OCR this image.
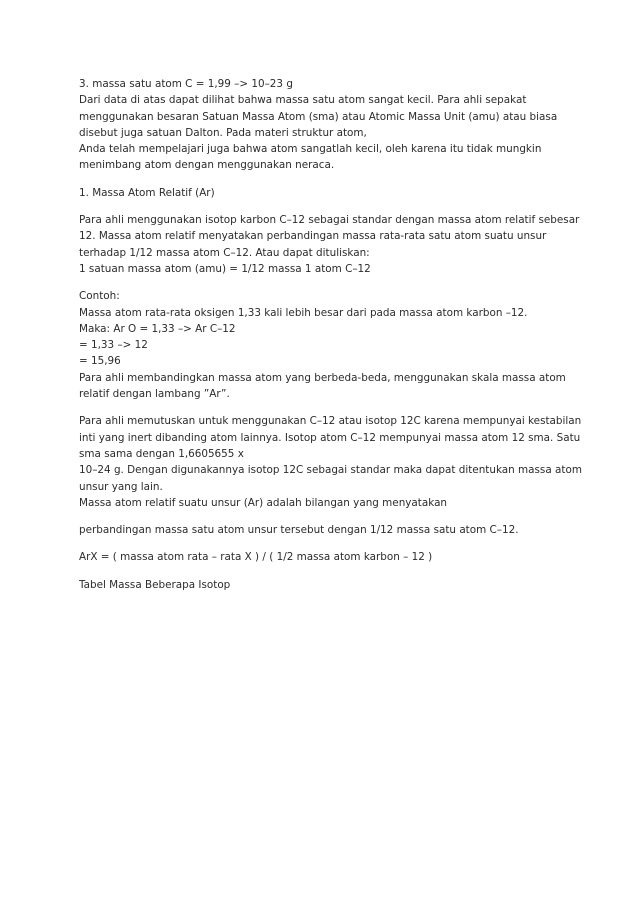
3. massa satu atom C = 1,99 –> 10–23 g
Dari data di atas dapat dilihat bahwa massa satu atom sangat kecil. Para ahli sepakat
menggunakan besaran Satuan Massa Atom (sma) atau Atomic Massa Unit (amu) atau biasa
disebut juga satuan Dalton. Pada materi struktur atom,
Anda telah mempelajari juga bahwa atom sangatlah kecil, oleh karena itu tidak mungkin
menimbang atom dengan menggunakan neraca.

1. Massa Atom Relatif (Ar)

Para ahli menggunakan isotop karbon C–12 sebagai standar dengan massa atom relatif sebesar
12. Massa atom relatif menyatakan perbandingan massa rata-rata satu atom suatu unsur
terhadap 1/12 massa atom C–12. Atau dapat dituliskan:
1 satuan massa atom (amu) = 1/12 massa 1 atom C–12

Contoh:
Massa atom rata-rata oksigen 1,33 kali lebih besar dari pada massa atom karbon –12.
Maka: Ar O = 1,33 –> Ar C–12
= 1,33 –> 12
= 15,96
Para ahli membandingkan massa atom yang berbeda-beda, menggunakan skala massa atom
relatif dengan lambang ”Ar”.

Para ahli memutuskan untuk menggunakan C–12 atau isotop 12C karena mempunyai kestabilan
inti yang inert dibanding atom lainnya. Isotop atom C–12 mempunyai massa atom 12 sma. Satu
sma sama dengan 1,6605655 x
10–24 g. Dengan digunakannya isotop 12C sebagai standar maka dapat ditentukan massa atom
unsur yang lain.
Massa atom relatif suatu unsur (Ar) adalah bilangan yang menyatakan

perbandingan massa satu atom unsur tersebut dengan 1/12 massa satu atom C–12.

ArX = ( massa atom rata – rata X ) / ( 1/2 massa atom karbon – 12 )

Tabel Massa Beberapa Isotop
